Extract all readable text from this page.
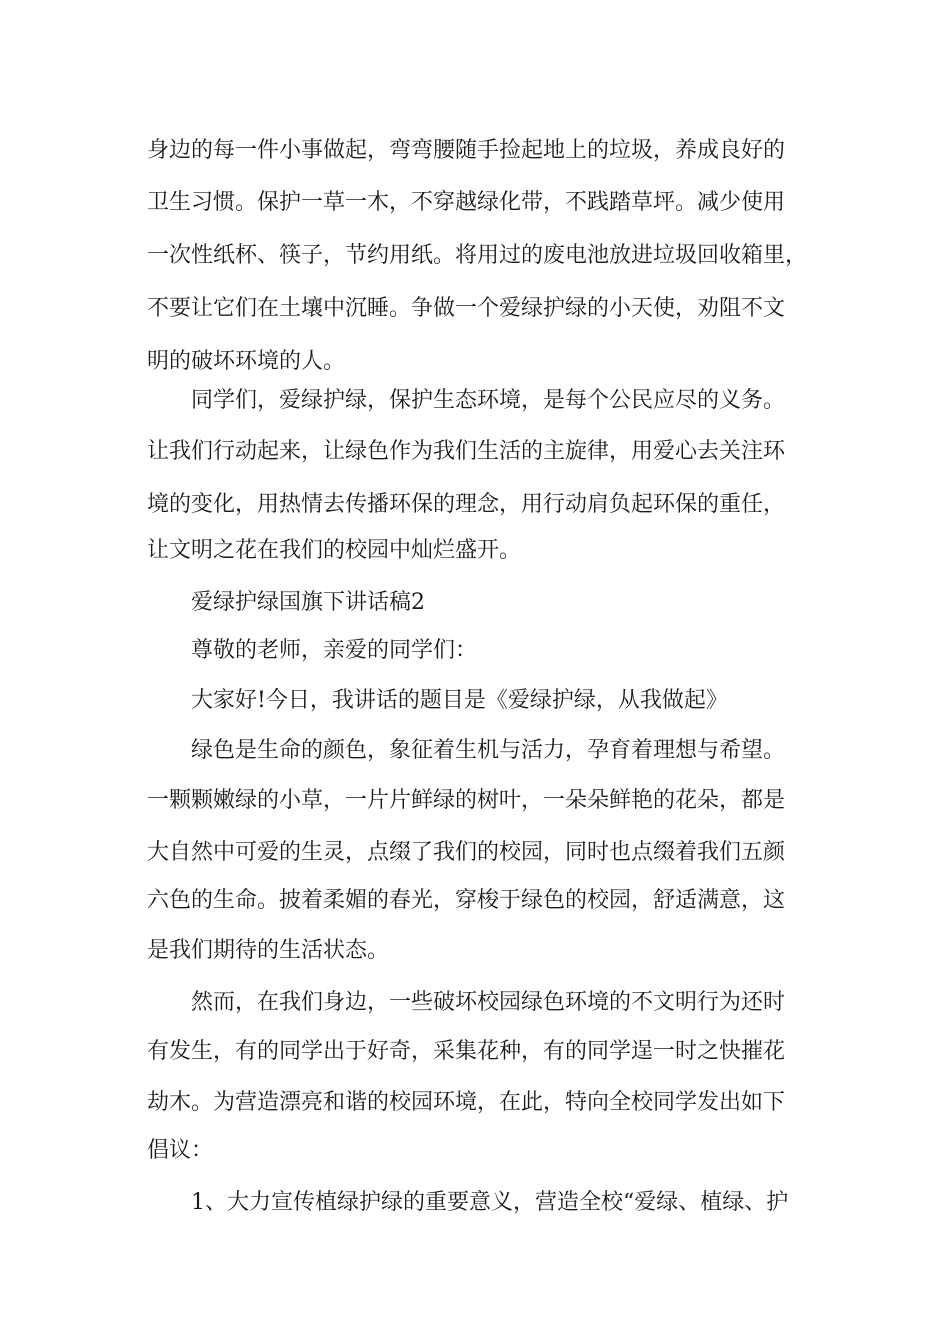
身边的每一件小事做起，弯弯腰随手捡起地上的垃圾，养成良好的
卫生习惯。保护一草一木，不穿越绿化带，不践踏草坪。减少使用
一次性纸杯、筷子，节约用纸。将用过的废电池放进垃圾回收箱里，
不要让它们在土壤中沉睡。争做一个爱绿护绿的小天使，劝阻不文
明的破坏环境的人。
同学们，爱绿护绿，保护生态环境，是每个公民应尽的义务。
让我们行动起来，让绿色作为我们生活的主旋律，用爱心去关注环
境的变化，用热情去传播环保的理念，用行动肩负起环保的重任，
让文明之花在我们的校园中灿烂盛开。
爱绿护绿国旗下讲话稿2
尊敬的老师，亲爱的同学们：
大家好!今日，我讲话的题目是《爱绿护绿，从我做起》
绿色是生命的颜色，象征着生机与活力，孕育着理想与希望。
一颗颗嫩绿的小草，一片片鲜绿的树叶，一朵朵鲜艳的花朵，都是
大自然中可爱的生灵，点缀了我们的校园，同时也点缀着我们五颜
六色的生命。披着柔媚的春光，穿梭于绿色的校园，舒适满意，这
是我们期待的生活状态。
然而，在我们身边，一些破坏校园绿色环境的不文明行为还时
有发生，有的同学出于好奇，采集花种，有的同学逞一时之快摧花
劫木。为营造漂亮和谐的校园环境，在此，特向全校同学发出如下
倡议：
1、大力宣传植绿护绿的重要意义，营造全校“爱绿、植绿、护
